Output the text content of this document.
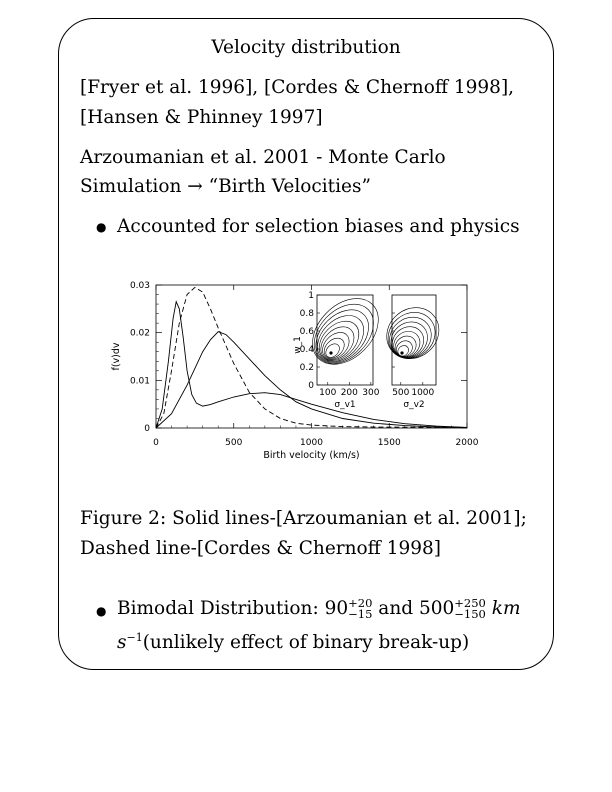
Velocity distribution
[Fryer et al. 1996], [Cordes & Chernoff 1998],
[Hansen & Phinney 1997]
Arzoumanian et al. 2001 - Monte Carlo
Simulation → “Birth Velocities”
● Accounted for selection biases and physics
0	500	1000	1500	2000
0
0.01
0.02
0.03
Birth velocity (km/s)
f(v)dv
0
0.2
0.4
0.6
0.8
1
100 200 300
w_1
σ_v1
500 1000
σ_v2
Figure 2: Solid lines-[Arzoumanian et al. 2001];
Dashed line-[Cordes & Chernoff 1998]
● Bimodal Distribution: 90 +20
−15 and 500 +250
−150 km
$s^{-1}(unlikely$ effect of binary break-up)
